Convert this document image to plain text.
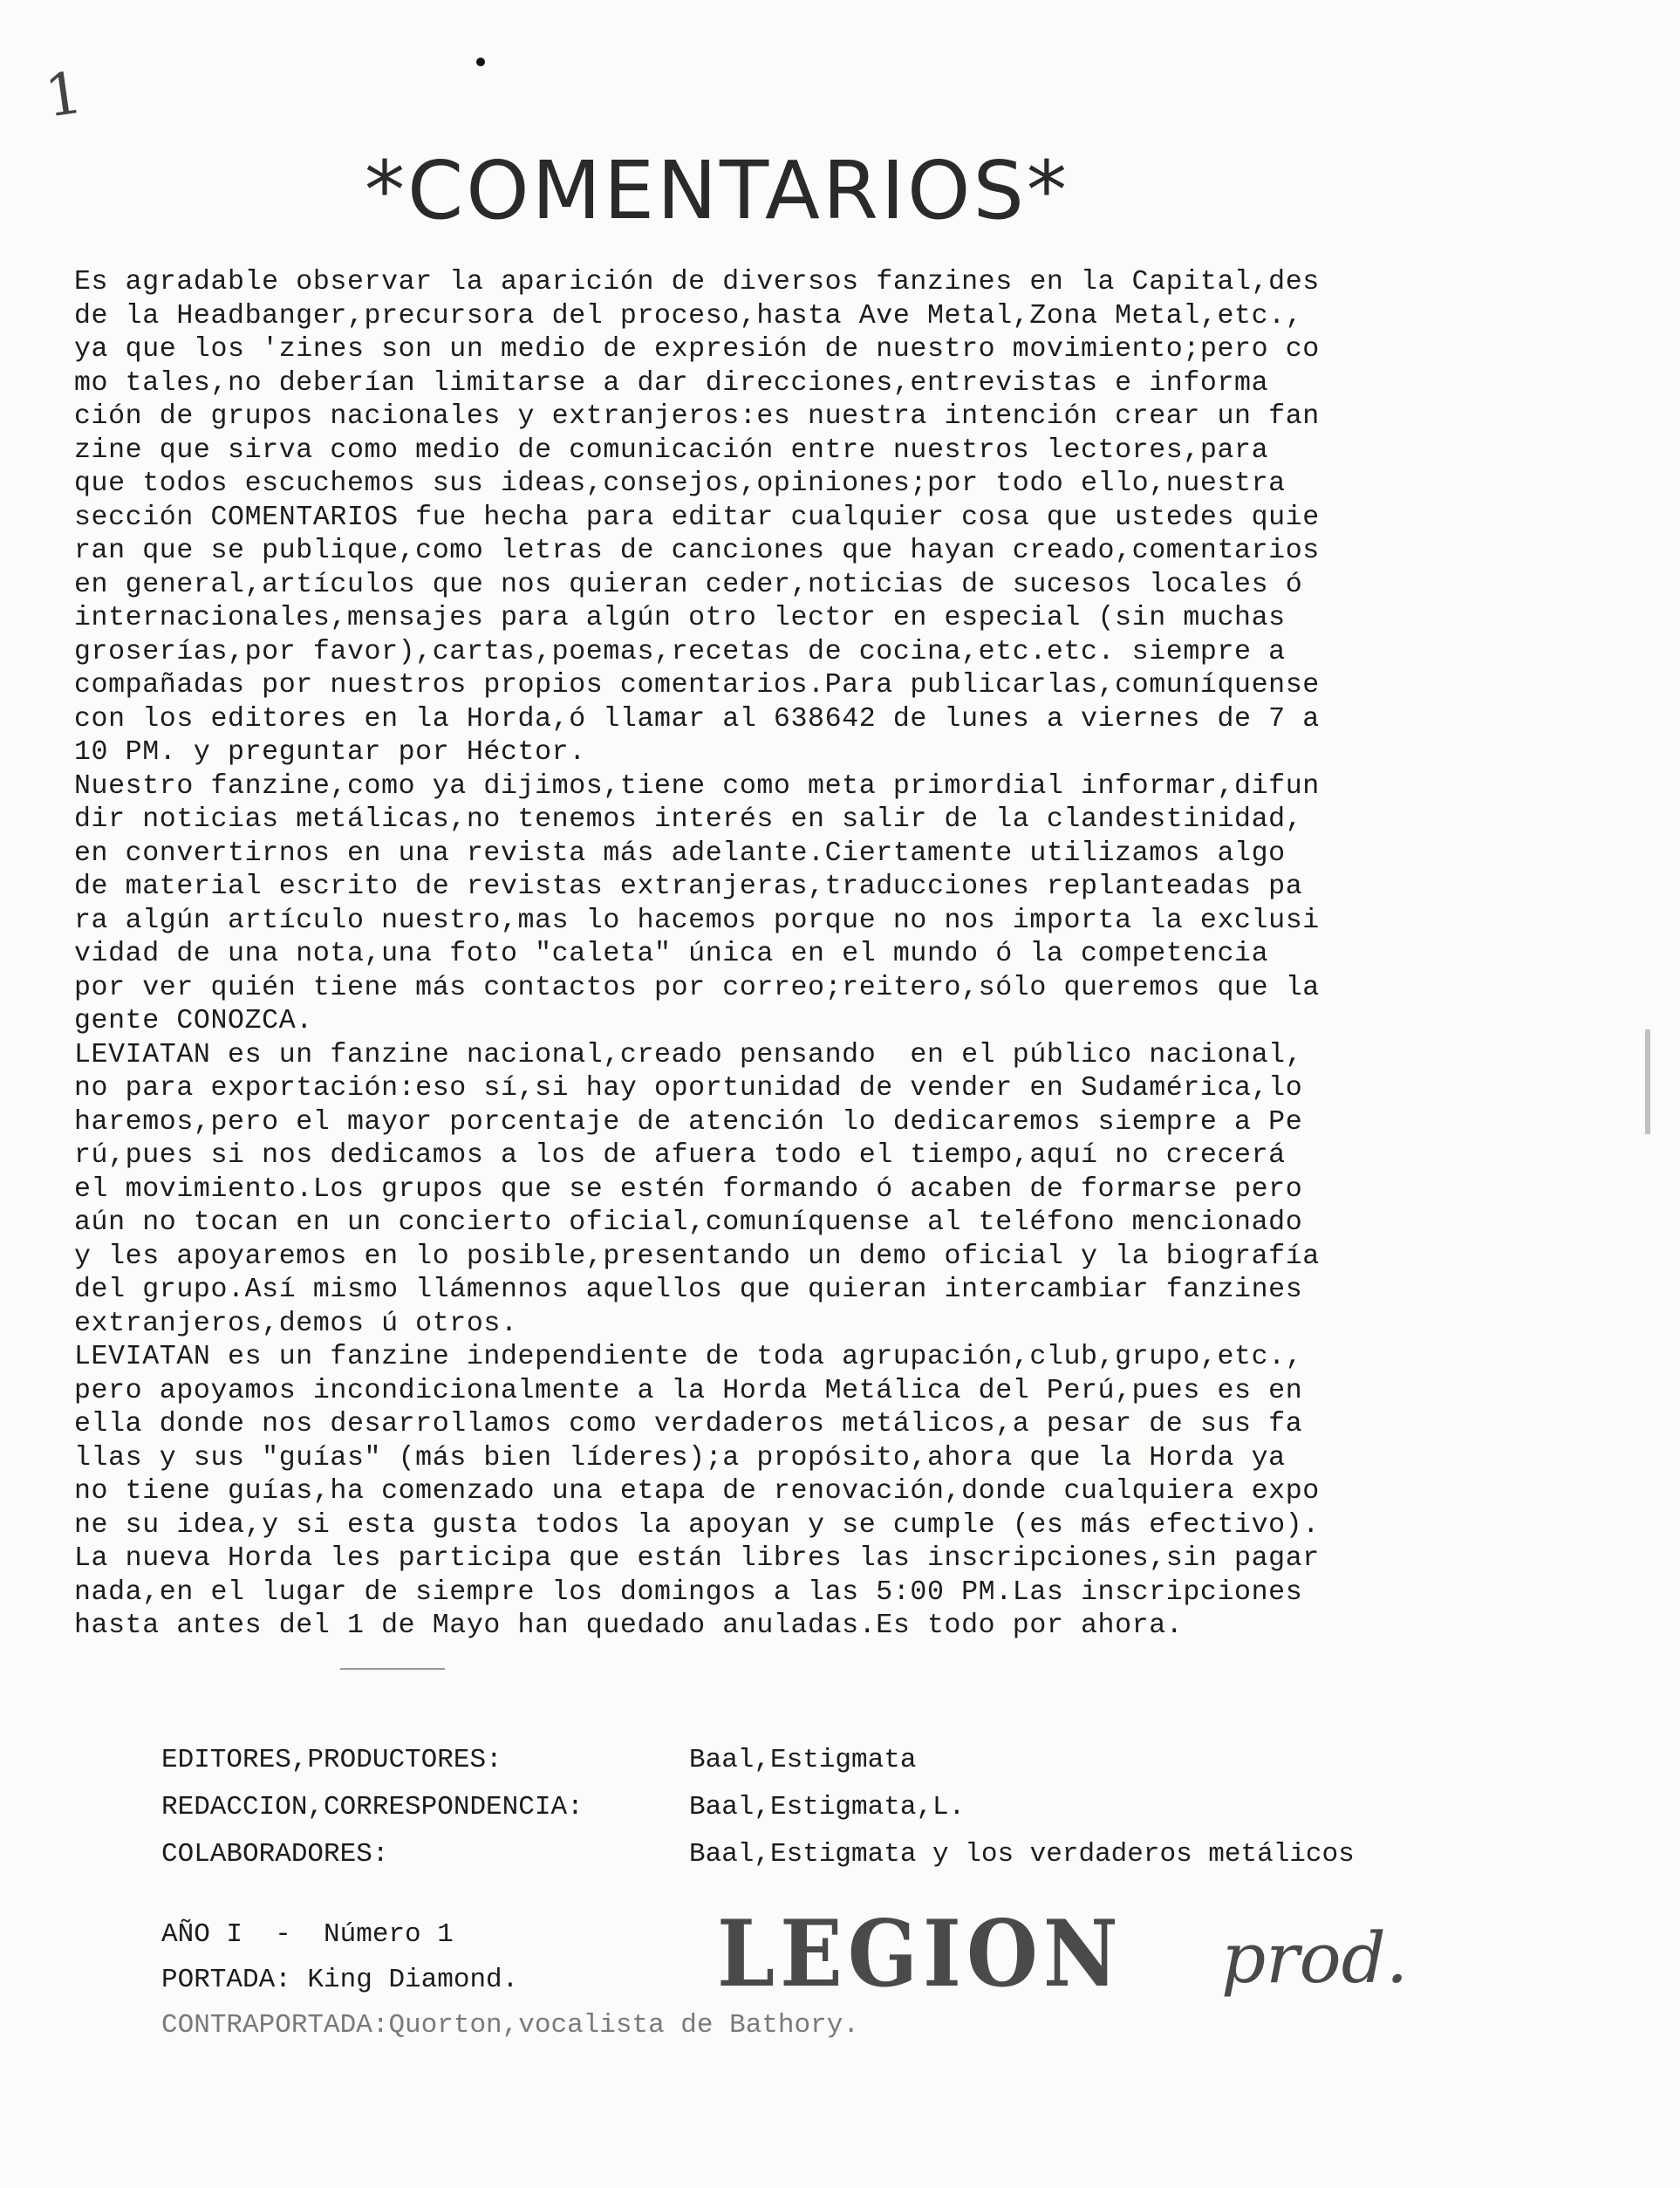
1
*COMENTARIOS*
Es agradable observar la aparición de diversos fanzines en la Capital,des
de la Headbanger,precursora del proceso,hasta Ave Metal,Zona Metal,etc.,
ya que los 'zines son un medio de expresión de nuestro movimiento;pero co
mo tales,no deberían limitarse a dar direcciones,entrevistas e informa
ción de grupos nacionales y extranjeros:es nuestra intención crear un fan
zine que sirva como medio de comunicación entre nuestros lectores,para
que todos escuchemos sus ideas,consejos,opiniones;por todo ello,nuestra
sección COMENTARIOS fue hecha para editar cualquier cosa que ustedes quie
ran que se publique,como letras de canciones que hayan creado,comentarios
en general,artículos que nos quieran ceder,noticias de sucesos locales ó
internacionales,mensajes para algún otro lector en especial (sin muchas
groserías,por favor),cartas,poemas,recetas de cocina,etc.etc. siempre a
compañadas por nuestros propios comentarios.Para publicarlas,comuníquense
con los editores en la Horda,ó llamar al 638642 de lunes a viernes de 7 a
10 PM. y preguntar por Héctor.
Nuestro fanzine,como ya dijimos,tiene como meta primordial informar,difun
dir noticias metálicas,no tenemos interés en salir de la clandestinidad,
en convertirnos en una revista más adelante.Ciertamente utilizamos algo
de material escrito de revistas extranjeras,traducciones replanteadas pa
ra algún artículo nuestro,mas lo hacemos porque no nos importa la exclusi
vidad de una nota,una foto "caleta" única en el mundo ó la competencia
por ver quién tiene más contactos por correo;reitero,sólo queremos que la
gente CONOZCA.
LEVIATAN es un fanzine nacional,creado pensando  en el público nacional,
no para exportación:eso sí,si hay oportunidad de vender en Sudamérica,lo
haremos,pero el mayor porcentaje de atención lo dedicaremos siempre a Pe
rú,pues si nos dedicamos a los de afuera todo el tiempo,aquí no crecerá
el movimiento.Los grupos que se estén formando ó acaben de formarse pero
aún no tocan en un concierto oficial,comuníquense al teléfono mencionado
y les apoyaremos en lo posible,presentando un demo oficial y la biografía
del grupo.Así mismo llámennos aquellos que quieran intercambiar fanzines
extranjeros,demos ú otros.
LEVIATAN es un fanzine independiente de toda agrupación,club,grupo,etc.,
pero apoyamos incondicionalmente a la Horda Metálica del Perú,pues es en
ella donde nos desarrollamos como verdaderos metálicos,a pesar de sus fa
llas y sus "guías" (más bien líderes);a propósito,ahora que la Horda ya
no tiene guías,ha comenzado una etapa de renovación,donde cualquiera expo
ne su idea,y si esta gusta todos la apoyan y se cumple (es más efectivo).
La nueva Horda les participa que están libres las inscripciones,sin pagar
nada,en el lugar de siempre los domingos a las 5:00 PM.Las inscripciones
hasta antes del 1 de Mayo han quedado anuladas.Es todo por ahora.

EDITORES,PRODUCTORES:

	Baal,Estigmata

REDACCION,CORRESPONDENCIA:

	Baal,Estigmata,L.

COLABORADORES:

	Baal,Estigmata y los verdaderos metálicos

AÑO I  -  Número 1
PORTADA: King Diamond.
CONTRAPORTADA:Quorton,vocalista de Bathory.
LEGION prod.
